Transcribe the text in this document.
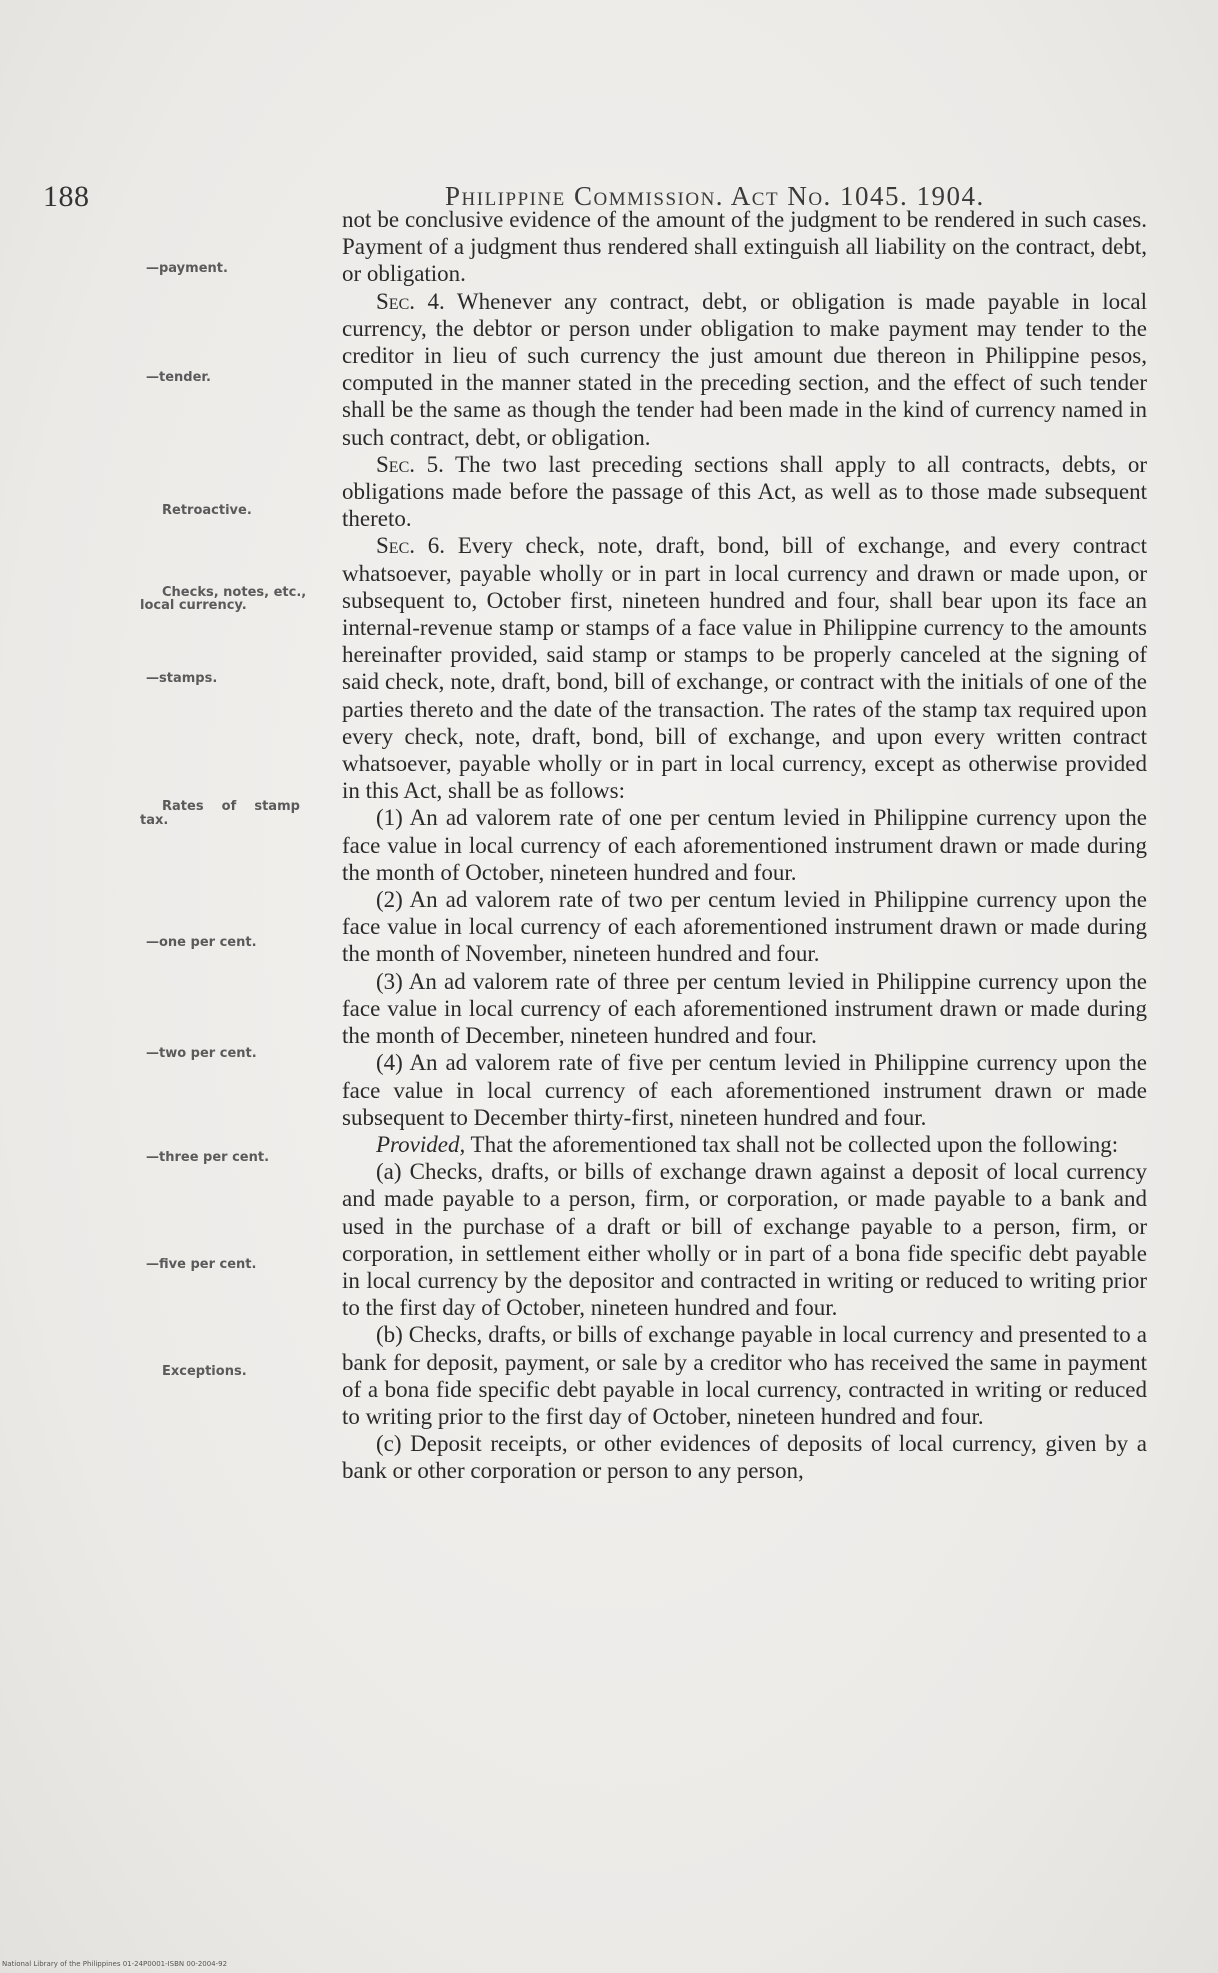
188	Philippine Commission. Act No. 1045. 1904.
—payment.
—tender.
Retroactive.
Checks, notes, etc.,
local currency.
—stamps.
Rates    of    stamp
tax.
—one per cent.
—two per cent.
—three per cent.
—five per cent.
Exceptions.

not be conclusive evidence of the amount of the judgment to be rendered in such cases. Payment of a judgment thus rendered shall extinguish all liability on the contract, debt, or obligation.

Sec. 4. Whenever any contract, debt, or obligation is made payable in local currency, the debtor or person under obligation to make payment may tender to the creditor in lieu of such currency the just amount due thereon in Philippine pesos, computed in the manner stated in the preceding section, and the effect of such tender shall be the same as though the tender had been made in the kind of currency named in such contract, debt, or obligation.

Sec. 5. The two last preceding sections shall apply to all contracts, debts, or obligations made before the passage of this Act, as well as to those made subsequent thereto.

Sec. 6. Every check, note, draft, bond, bill of exchange, and every contract whatsoever, payable wholly or in part in local currency and drawn or made upon, or subsequent to, October first, nineteen hundred and four, shall bear upon its face an internal-revenue stamp or stamps of a face value in Philippine currency to the amounts hereinafter provided, said stamp or stamps to be properly canceled at the signing of said check, note, draft, bond, bill of exchange, or contract with the initials of one of the parties thereto and the date of the transaction. The rates of the stamp tax required upon every check, note, draft, bond, bill of exchange, and upon every written contract whatsoever, payable wholly or in part in local currency, except as otherwise provided in this Act, shall be as follows:

(1) An ad valorem rate of one per centum levied in Philippine currency upon the face value in local currency of each aforementioned instrument drawn or made during the month of October, nineteen hundred and four.

(2) An ad valorem rate of two per centum levied in Philippine currency upon the face value in local currency of each aforementioned instrument drawn or made during the month of November, nineteen hundred and four.

(3) An ad valorem rate of three per centum levied in Philippine currency upon the face value in local currency of each aforementioned instrument drawn or made during the month of December, nineteen hundred and four.

(4) An ad valorem rate of five per centum levied in Philippine currency upon the face value in local currency of each aforementioned instrument drawn or made subsequent to December thirty-first, nineteen hundred and four.

Provided, That the aforementioned tax shall not be collected upon the following:

(a) Checks, drafts, or bills of exchange drawn against a deposit of local currency and made payable to a person, firm, or corporation, or made payable to a bank and used in the purchase of a draft or bill of exchange payable to a person, firm, or corporation, in settlement either wholly or in part of a bona fide specific debt payable in local currency by the depositor and contracted in writing or reduced to writing prior to the first day of October, nineteen hundred and four.

(b) Checks, drafts, or bills of exchange payable in local currency and presented to a bank for deposit, payment, or sale by a creditor who has received the same in payment of a bona fide specific debt payable in local currency, contracted in writing or reduced to writing prior to the first day of October, nineteen hundred and four.

(c) Deposit receipts, or other evidences of deposits of local currency, given by a bank or other corporation or person to any person,

National Library of the Philippines 01-24P0001-ISBN 00-2004-92
